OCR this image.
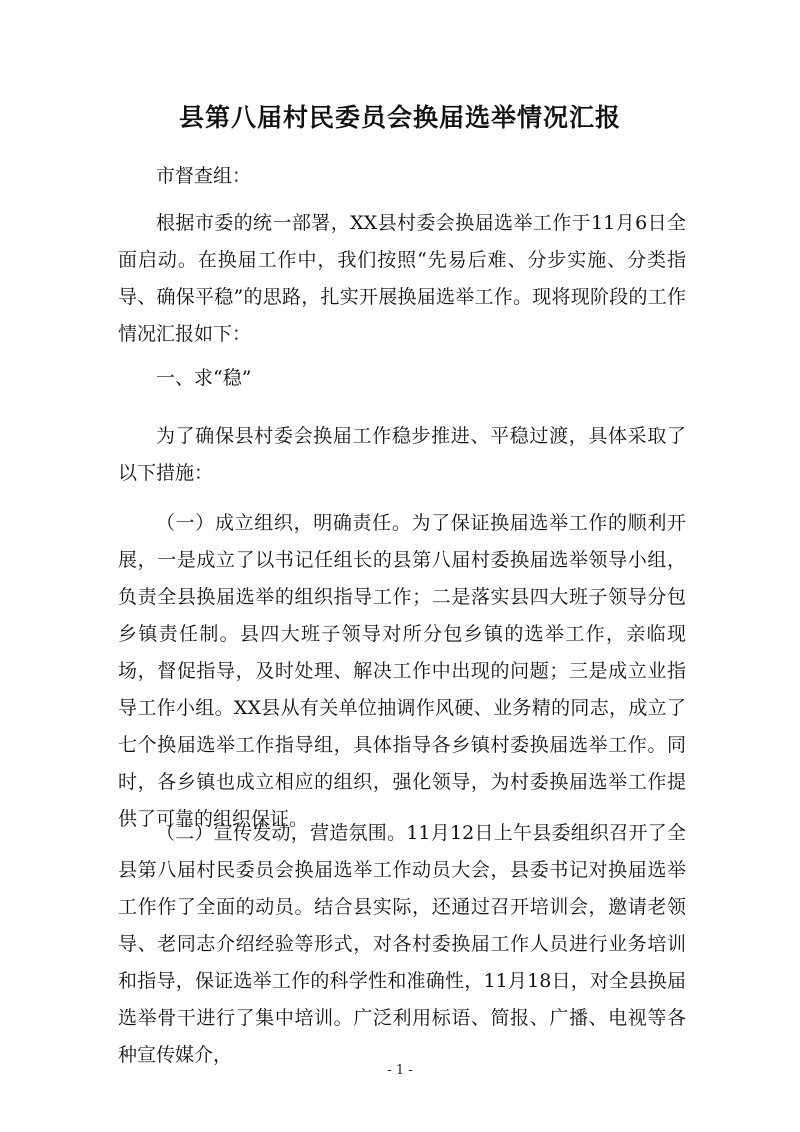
县第八届村民委员会换届选举情况汇报

市督查组：

根据市委的统一部署，XX县村委会换届选举工作于11月6日全面启动。在换届工作中，我们按照“先易后难、分步实施、分类指导、确保平稳”的思路，扎实开展换届选举工作。现将现阶段的工作情况汇报如下：

一、求“稳”

为了确保县村委会换届工作稳步推进、平稳过渡，具体采取了以下措施：

（一）成立组织，明确责任。为了保证换届选举工作的顺利开展，一是成立了以书记任组长的县第八届村委换届选举领导小组，负责全县换届选举的组织指导工作；二是落实县四大班子领导分包乡镇责任制。县四大班子领导对所分包乡镇的选举工作，亲临现场，督促指导，及时处理、解决工作中出现的问题；三是成立业指导工作小组。XX县从有关单位抽调作风硬、业务精的同志，成立了七个换届选举工作指导组，具体指导各乡镇村委换届选举工作。同时，各乡镇也成立相应的组织，强化领导，为村委换届选举工作提供了可靠的组织保证。

（二）宣传发动，营造氛围。11月12日上午县委组织召开了全县第八届村民委员会换届选举工作动员大会，县委书记对换届选举工作作了全面的动员。结合县实际，还通过召开培训会，邀请老领导、老同志介绍经验等形式，对各村委换届工作人员进行业务培训和指导，保证选举工作的科学性和准确性，11月18日，对全县换届选举骨干进行了集中培训。广泛利用标语、简报、广播、电视等各种宣传媒介，

- 1 -
